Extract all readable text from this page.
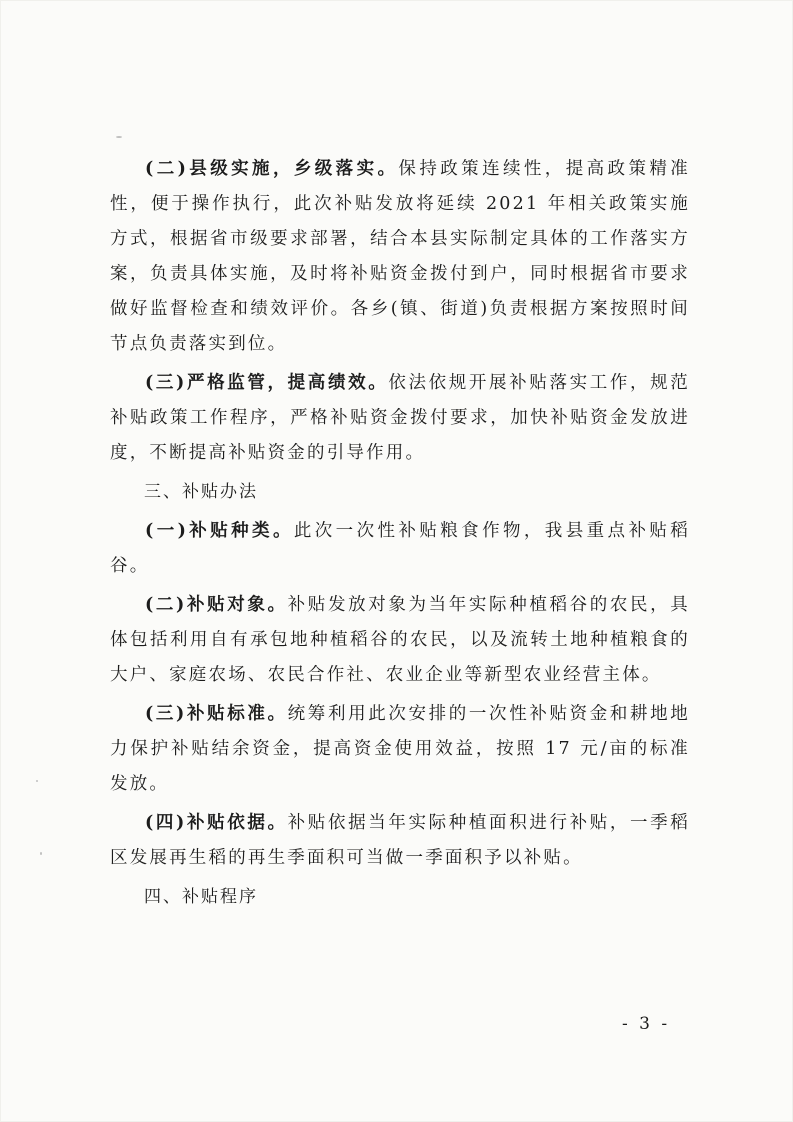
(二)县级实施，乡级落实。保持政策连续性，提高政策精准性，便于操作执行，此次补贴发放将延续 2021 年相关政策实施方式，根据省市级要求部署，结合本县实际制定具体的工作落实方案，负责具体实施，及时将补贴资金拨付到户，同时根据省市要求做好监督检查和绩效评价。各乡(镇、街道)负责根据方案按照时间节点负责落实到位。

(三)严格监管，提高绩效。依法依规开展补贴落实工作，规范补贴政策工作程序，严格补贴资金拨付要求，加快补贴资金发放进度，不断提高补贴资金的引导作用。

三、补贴办法

(一)补贴种类。此次一次性补贴粮食作物，我县重点补贴稻谷。

(二)补贴对象。补贴发放对象为当年实际种植稻谷的农民，具体包括利用自有承包地种植稻谷的农民，以及流转土地种植粮食的大户、家庭农场、农民合作社、农业企业等新型农业经营主体。

(三)补贴标准。统筹利用此次安排的一次性补贴资金和耕地地力保护补贴结余资金，提高资金使用效益，按照 17 元/亩的标准发放。

(四)补贴依据。补贴依据当年实际种植面积进行补贴，一季稻区发展再生稻的再生季面积可当做一季面积予以补贴。

四、补贴程序

- 3 -
